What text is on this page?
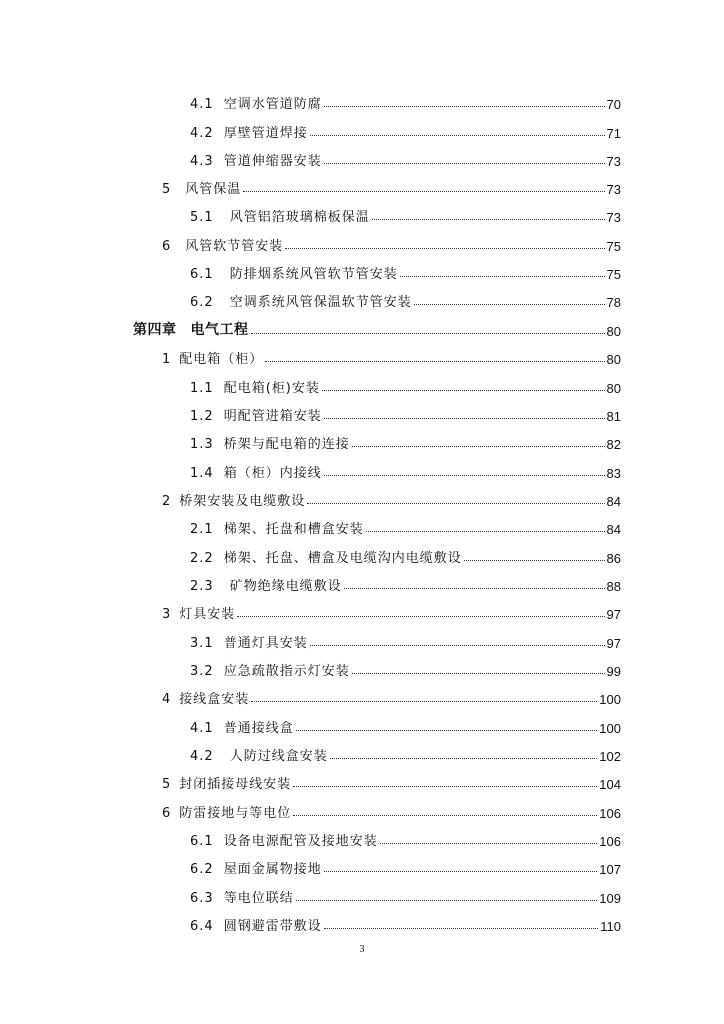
4.1 空调水管道防腐	70
4.2 厚壁管道焊接	71
4.3 管道伸缩器安装	73
5	风管保温	73
5.1	风管铝箔玻璃棉板保温	73
6	风管软节管安装	75
6.1	防排烟系统风管软节管安装	75
6.2	空调系统风管保温软节管安装	78
第四章	电气工程	80
1 配电箱（柜）	80
1.1 配电箱(柜)安装	80
1.2 明配管进箱安装	81
1.3 桥架与配电箱的连接	82
1.4 箱（柜）内接线	83
2 桥架安装及电缆敷设	84
2.1 梯架、托盘和槽盒安装	84
2.2 梯架、托盘、槽盒及电缆沟内电缆敷设	86
2.3	矿物绝缘电缆敷设	88
3 灯具安装	97
3.1 普通灯具安装	97
3.2 应急疏散指示灯安装	99
4 接线盒安装	100
4.1 普通接线盒	100
4.2	人防过线盒安装	102
5 封闭插接母线安装	104
6 防雷接地与等电位	106
6.1 设备电源配管及接地安装	106
6.2 屋面金属物接地	107
6.3 等电位联结	109
6.4 圆钢避雷带敷设	110
3
